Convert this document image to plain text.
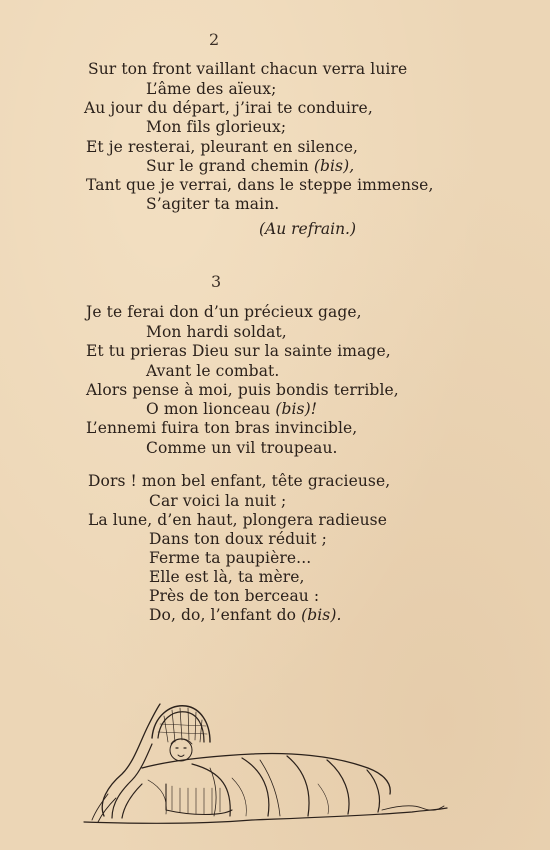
2
Sur ton front vaillant chacun verra luire
L’âme des aïeux;
Au jour du départ, j’irai te conduire,
Mon fils glorieux;
Et je resterai, pleurant en silence,
Sur le grand chemin (bis),
Tant que je verrai, dans le steppe immense,
S’agiter ta main.
(Au refrain.)
3
Je te ferai don d’un précieux gage,
Mon hardi soldat,
Et tu prieras Dieu sur la sainte image,
Avant le combat.
Alors pense à moi, puis bondis terrible,
O mon lionceau (bis)!
L’ennemi fuira ton bras invincible,
Comme un vil troupeau.
Dors ! mon bel enfant, tête gracieuse,
Car voici la nuit ;
La lune, d’en haut, plongera radieuse
Dans ton doux réduit ;
Ferme ta paupière...
Elle est là, ta mère,
Près de ton berceau :
Do, do, l’enfant do (bis).
